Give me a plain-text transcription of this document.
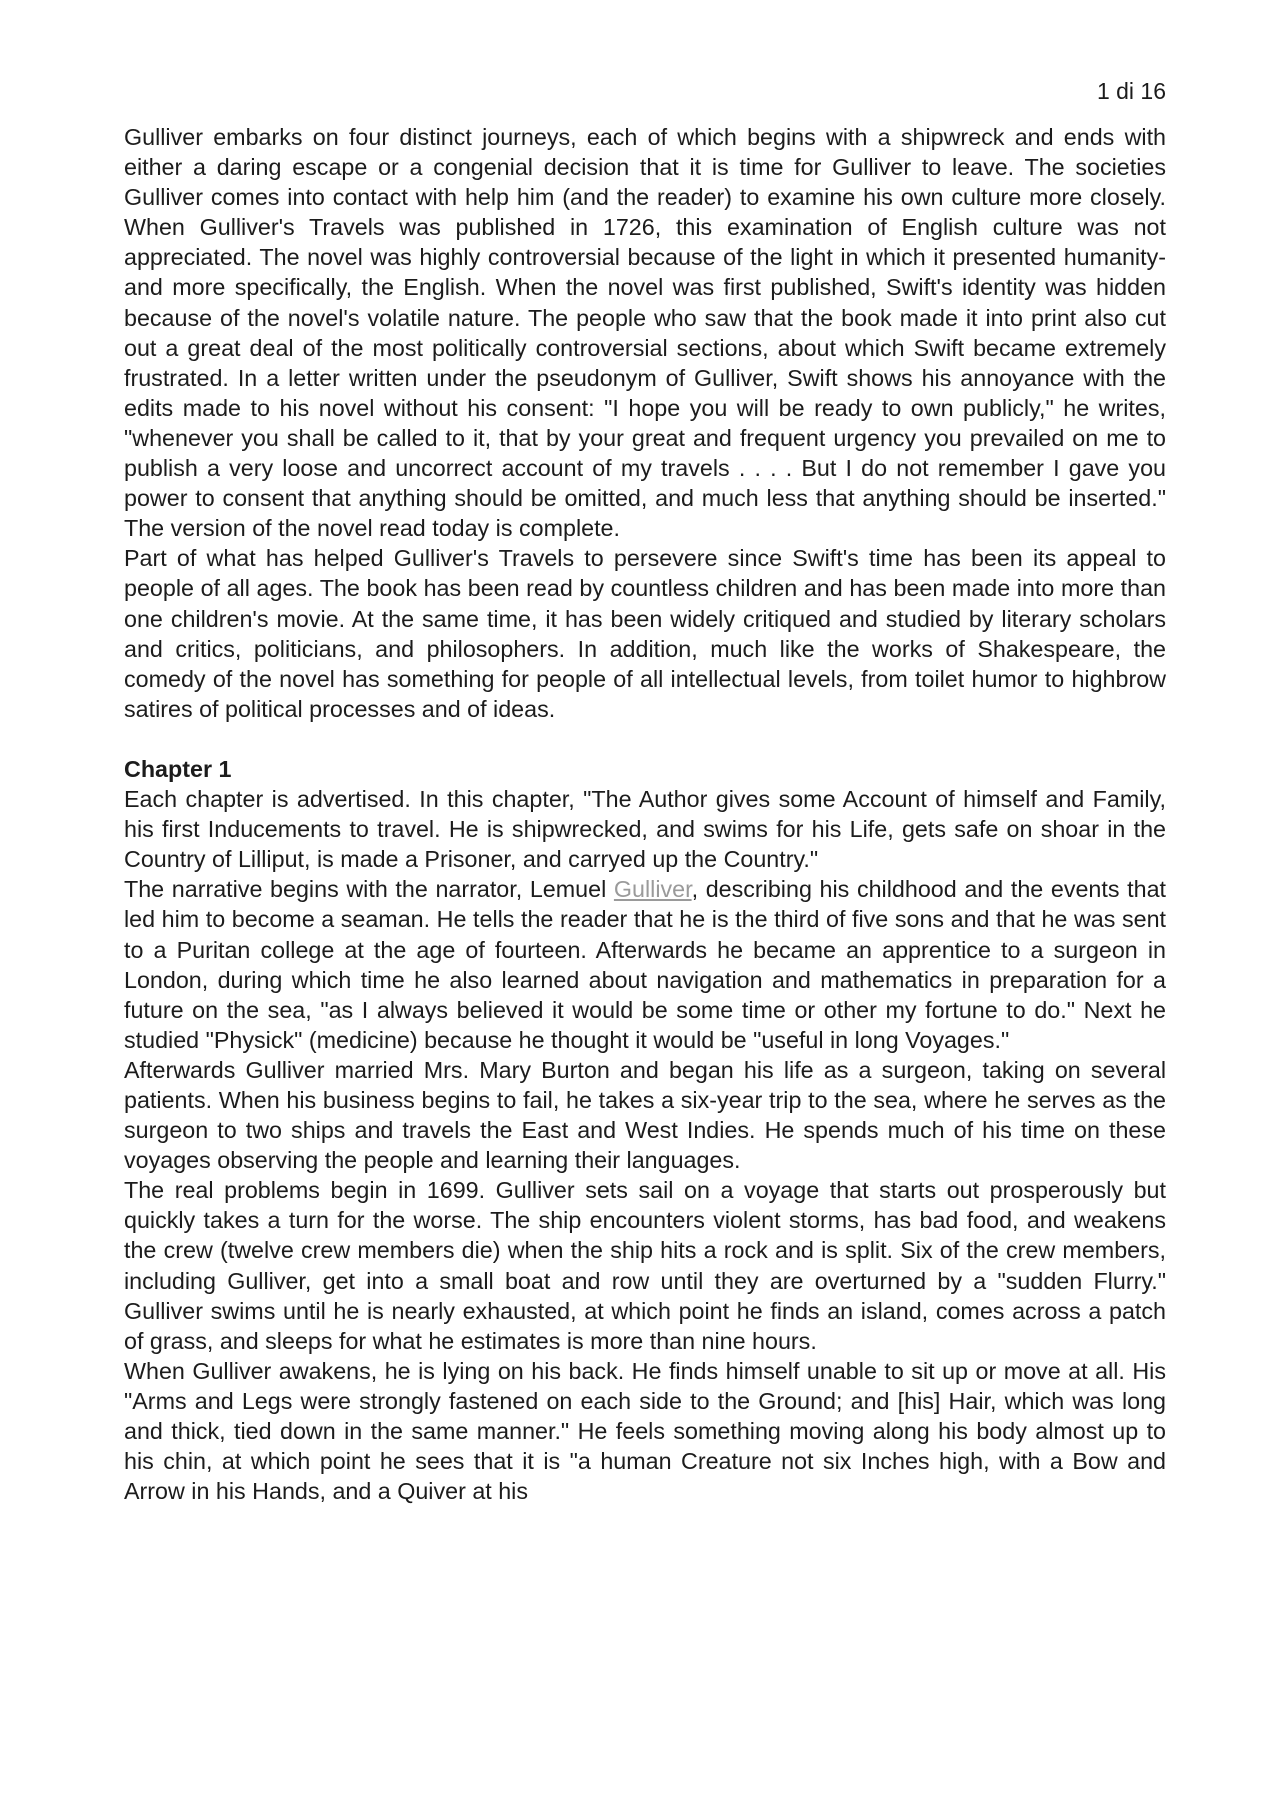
1 di 16

Gulliver embarks on four distinct journeys, each of which begins with a shipwreck and ends with either a daring escape or a congenial decision that it is time for Gulliver to leave. The societies Gulliver comes into contact with help him (and the reader) to examine his own culture more closely. When Gulliver's Travels was published in 1726, this examination of English culture was not appreciated. The novel was highly controversial because of the light in which it presented humanity-and more specifically, the English. When the novel was first published, Swift's identity was hidden because of the novel's volatile nature. The people who saw that the book made it into print also cut out a great deal of the most politically controversial sections, about which Swift became extremely frustrated. In a letter written under the pseudonym of Gulliver, Swift shows his annoyance with the edits made to his novel without his consent: "I hope you will be ready to own publicly," he writes, "whenever you shall be called to it, that by your great and frequent urgency you prevailed on me to publish a very loose and uncorrect account of my travels . . . . But I do not remember I gave you power to consent that anything should be omitted, and much less that anything should be inserted." The version of the novel read today is complete.

Part of what has helped Gulliver's Travels to persevere since Swift's time has been its appeal to people of all ages. The book has been read by countless children and has been made into more than one children's movie. At the same time, it has been widely critiqued and studied by literary scholars and critics, politicians, and philosophers. In addition, much like the works of Shakespeare, the comedy of the novel has something for people of all intellectual levels, from toilet humor to highbrow satires of political processes and of ideas.

Chapter 1

Each chapter is advertised. In this chapter, "The Author gives some Account of himself and Family, his first Inducements to travel. He is shipwrecked, and swims for his Life, gets safe on shoar in the Country of Lilliput, is made a Prisoner, and carryed up the Country."

The narrative begins with the narrator, Lemuel Gulliver, describing his childhood and the events that led him to become a seaman. He tells the reader that he is the third of five sons and that he was sent to a Puritan college at the age of fourteen. Afterwards he became an apprentice to a surgeon in London, during which time he also learned about navigation and mathematics in preparation for a future on the sea, "as I always believed it would be some time or other my fortune to do." Next he studied "Physick" (medicine) because he thought it would be "useful in long Voyages."

Afterwards Gulliver married Mrs. Mary Burton and began his life as a surgeon, taking on several patients. When his business begins to fail, he takes a six-year trip to the sea, where he serves as the surgeon to two ships and travels the East and West Indies. He spends much of his time on these voyages observing the people and learning their languages.

The real problems begin in 1699. Gulliver sets sail on a voyage that starts out prosperously but quickly takes a turn for the worse. The ship encounters violent storms, has bad food, and weakens the crew (twelve crew members die) when the ship hits a rock and is split. Six of the crew members, including Gulliver, get into a small boat and row until they are overturned by a "sudden Flurry." Gulliver swims until he is nearly exhausted, at which point he finds an island, comes across a patch of grass, and sleeps for what he estimates is more than nine hours.

When Gulliver awakens, he is lying on his back. He finds himself unable to sit up or move at all. His "Arms and Legs were strongly fastened on each side to the Ground; and [his] Hair, which was long and thick, tied down in the same manner." He feels something moving along his body almost up to his chin, at which point he sees that it is "a human Creature not six Inches high, with a Bow and Arrow in his Hands, and a Quiver at his
